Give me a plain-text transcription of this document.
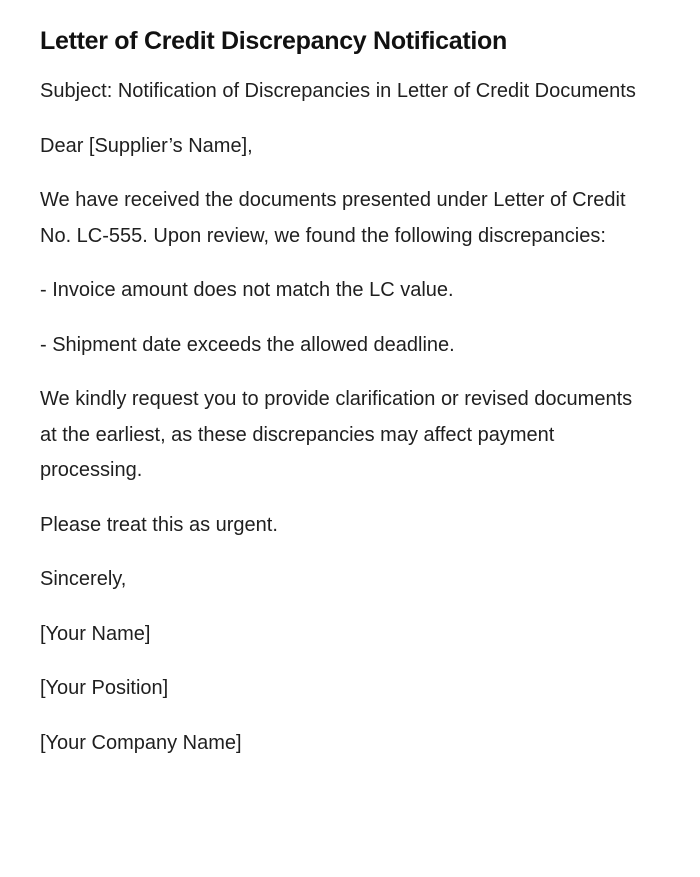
Letter of Credit Discrepancy Notification

Subject: Notification of Discrepancies in Letter of Credit Documents

Dear [Supplier’s Name],

We have received the documents presented under Letter of Credit No. LC-555. Upon review, we found the following discrepancies:

- Invoice amount does not match the LC value.

- Shipment date exceeds the allowed deadline.

We kindly request you to provide clarification or revised documents at the earliest, as these discrepancies may affect payment processing.

Please treat this as urgent.

Sincerely,

[Your Name]

[Your Position]

[Your Company Name]
